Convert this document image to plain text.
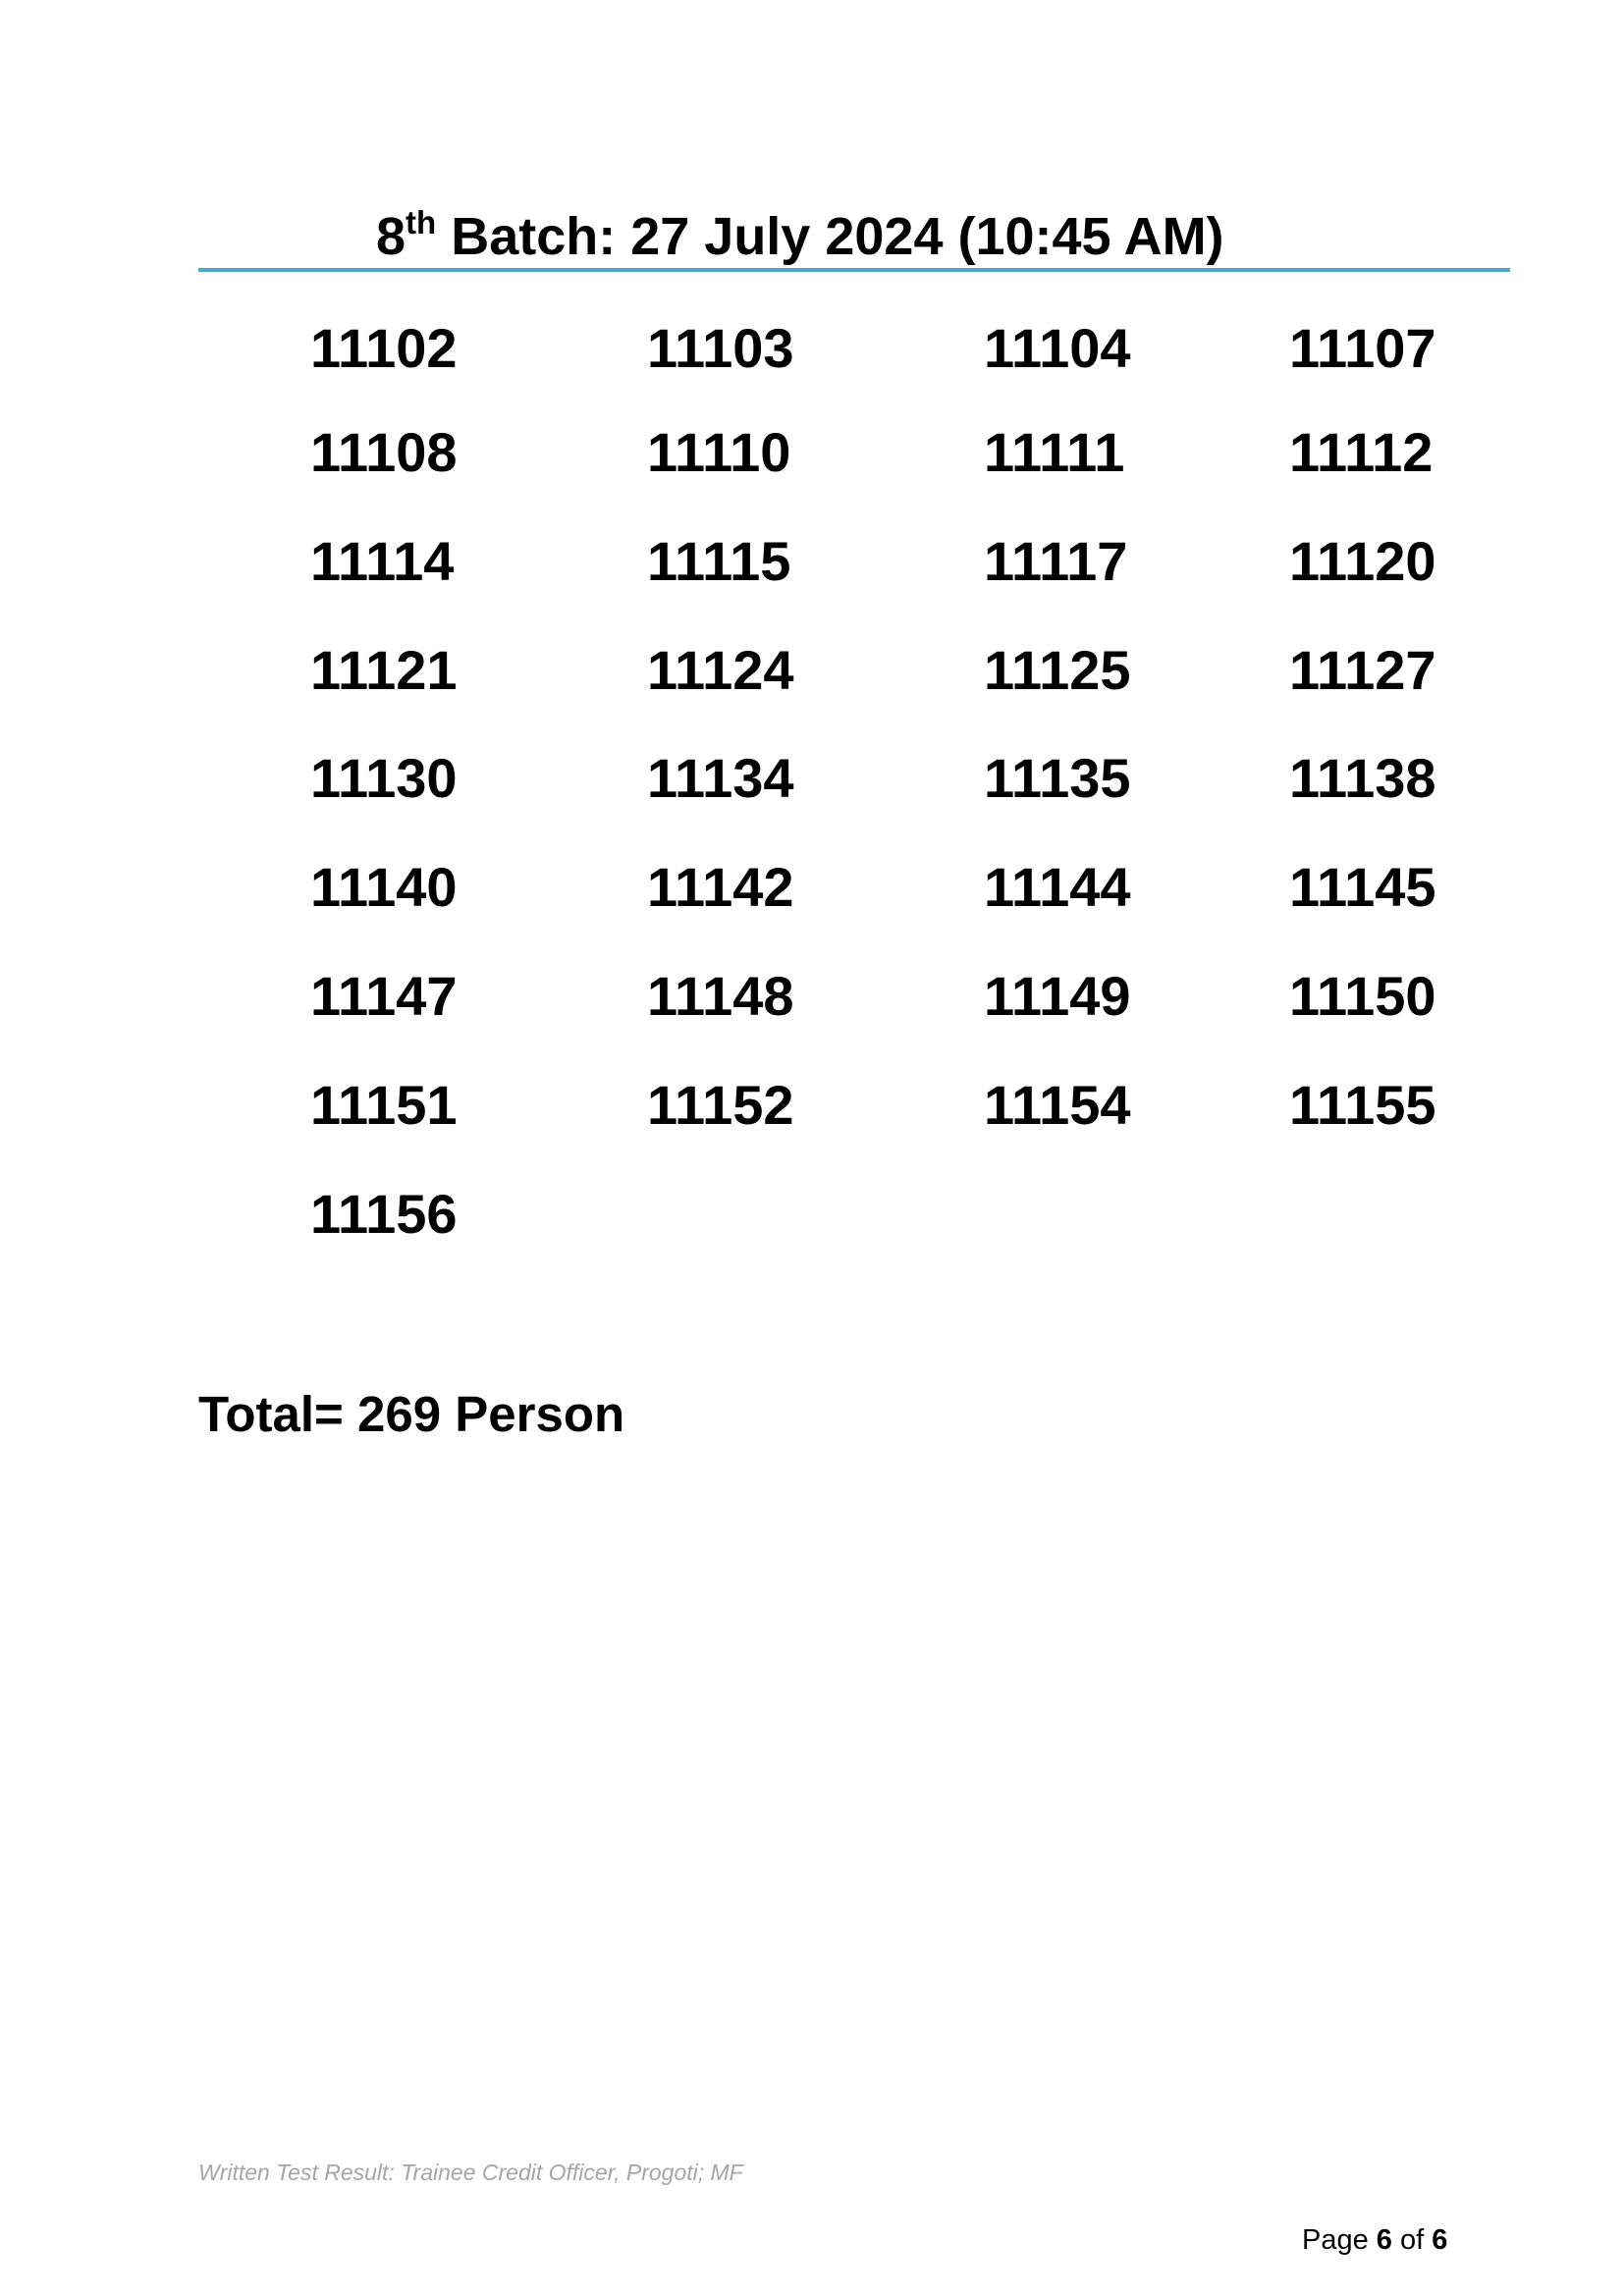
8th Batch: 27 July 2024 (10:45 AM)
11102	11103	11104	11107
11108	11110	11111	11112
11114	11115	11117	11120
11121	11124	11125	11127
11130	11134	11135	11138
11140	11142	11144	11145
11147	11148	11149	11150
11151	11152	11154	11155
11156
Total= 269 Person
Written Test Result: Trainee Credit Officer, Progoti; MF
Page 6 of 6
